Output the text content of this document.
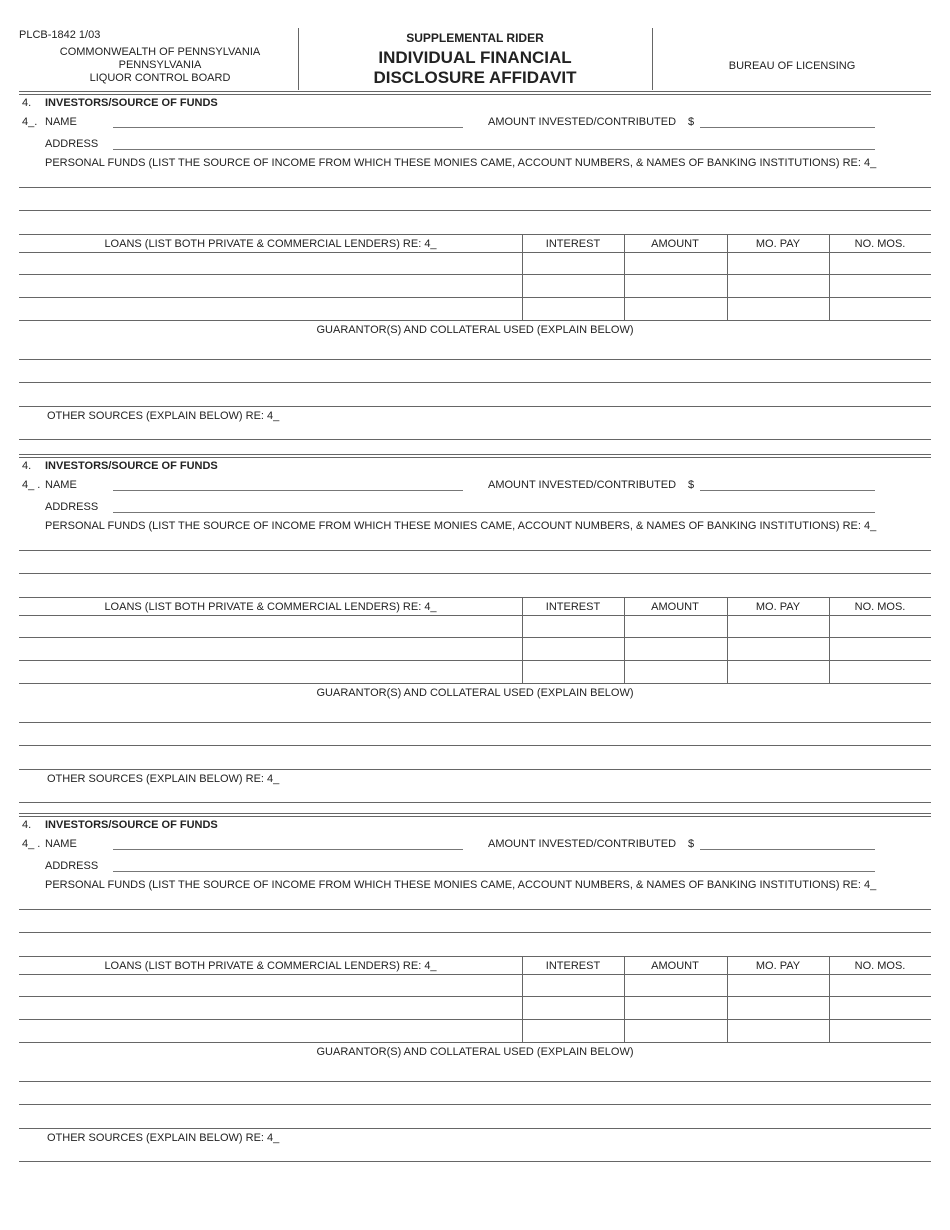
PLCB-1842 1/03
COMMONWEALTH OF PENNSYLVANIA
PENNSYLVANIA
LIQUOR CONTROL BOARD
SUPPLEMENTAL RIDER
INDIVIDUAL FINANCIAL
DISCLOSURE AFFIDAVIT
BUREAU OF LICENSING
4. INVESTORS/SOURCE OF FUNDS
4_. NAME	AMOUNT INVESTED/CONTRIBUTED $
ADDRESS
PERSONAL FUNDS (LIST THE SOURCE OF INCOME FROM WHICH THESE MONIES CAME, ACCOUNT NUMBERS, & NAMES OF BANKING INSTITUTIONS) RE: 4_
LOANS (LIST BOTH PRIVATE & COMMERCIAL LENDERS) RE: 4_	INTEREST	AMOUNT	MO. PAY	NO. MOS.
GUARANTOR(S) AND COLLATERAL USED (EXPLAIN BELOW)
OTHER SOURCES (EXPLAIN BELOW) RE: 4_
4. INVESTORS/SOURCE OF FUNDS
4_ . NAME	AMOUNT INVESTED/CONTRIBUTED $
ADDRESS
PERSONAL FUNDS (LIST THE SOURCE OF INCOME FROM WHICH THESE MONIES CAME, ACCOUNT NUMBERS, & NAMES OF BANKING INSTITUTIONS) RE: 4_
LOANS (LIST BOTH PRIVATE & COMMERCIAL LENDERS) RE: 4_	INTEREST	AMOUNT	MO. PAY	NO. MOS.
GUARANTOR(S) AND COLLATERAL USED (EXPLAIN BELOW)
OTHER SOURCES (EXPLAIN BELOW) RE: 4_
4. INVESTORS/SOURCE OF FUNDS
4_ . NAME	AMOUNT INVESTED/CONTRIBUTED $
ADDRESS
PERSONAL FUNDS (LIST THE SOURCE OF INCOME FROM WHICH THESE MONIES CAME, ACCOUNT NUMBERS, & NAMES OF BANKING INSTITUTIONS) RE: 4_
LOANS (LIST BOTH PRIVATE & COMMERCIAL LENDERS) RE: 4_	INTEREST	AMOUNT	MO. PAY	NO. MOS.
GUARANTOR(S) AND COLLATERAL USED (EXPLAIN BELOW)
OTHER SOURCES (EXPLAIN BELOW) RE: 4_
